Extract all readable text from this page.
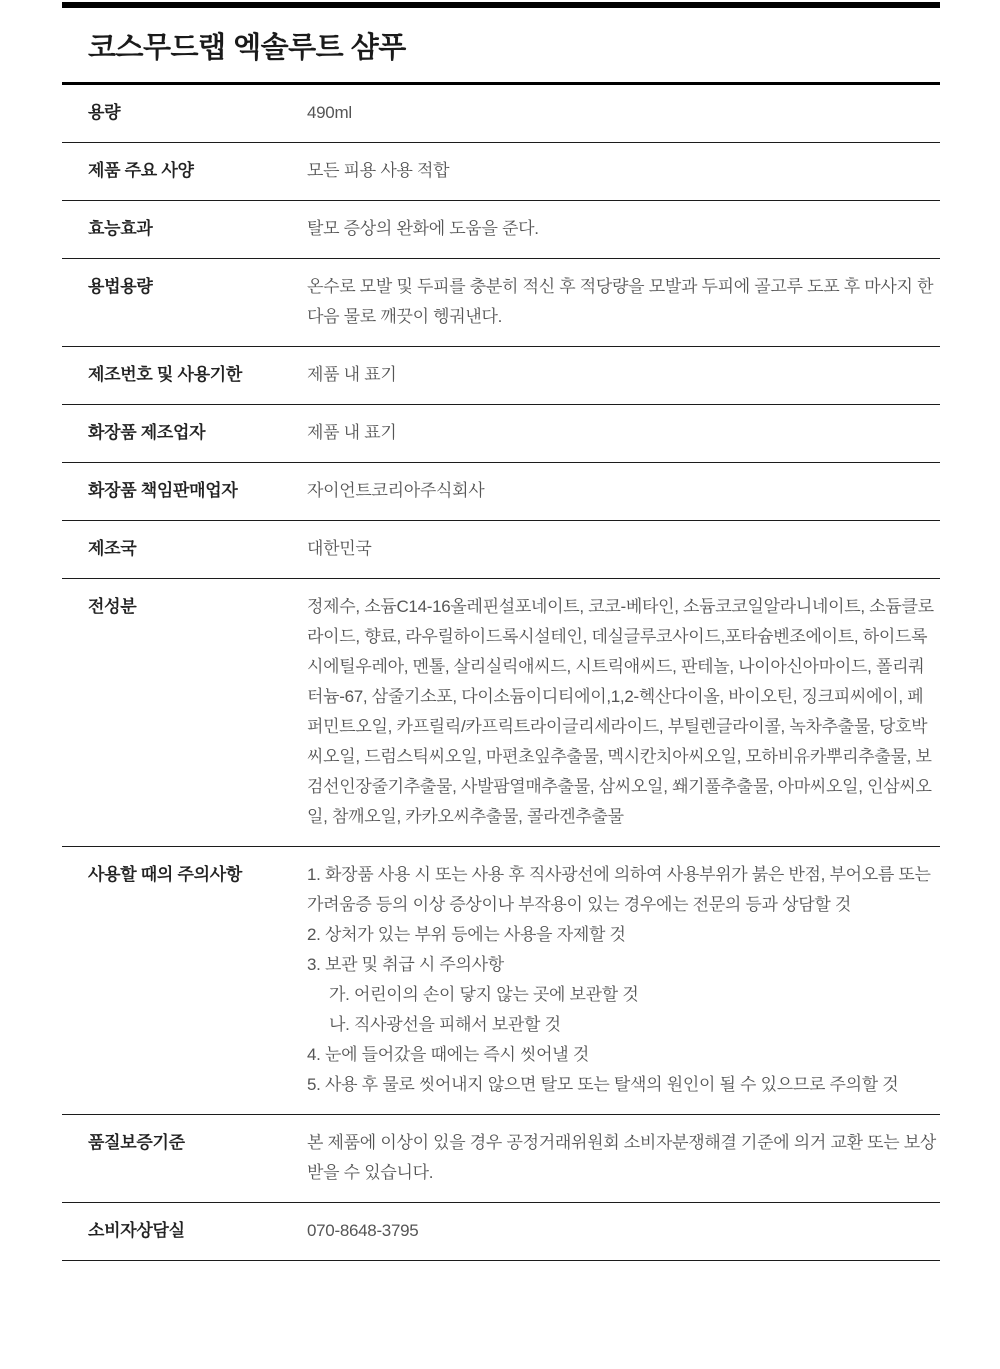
코스무드랩 엑솔루트 샴푸
용량	490ml
제품 주요 사양	모든 피용 사용 적합
효능효과	탈모 증상의 완화에 도움을 준다.
용법용량	온수로 모발 및 두피를 충분히 적신 후 적당량을 모발과 두피에 골고루 도포 후 마사지 한 다음 물로 깨끗이 헹궈낸다.
제조번호 및 사용기한	제품 내 표기
화장품 제조업자	제품 내 표기
화장품 책임판매업자	자이언트코리아주식회사
제조국	대한민국
전성분	정제수, 소듐C14-16올레핀설포네이트, 코코-베타인, 소듐코코일알라니네이트, 소듐클로라이드, 향료, 라우릴하이드록시설테인, 데실글루코사이드,포타슘벤조에이트, 하이드록시에틸우레아, 멘톨, 살리실릭애씨드, 시트릭애씨드, 판테놀, 나이아신아마이드, 폴리쿼터늄-67, 삼줄기소포, 다이소듐이디티에이,1,2-헥산다이올, 바이오틴, 징크피씨에이, 페퍼민트오일, 카프릴릭/카프릭트라이글리세라이드, 부틸렌글라이콜, 녹차추출물, 당호박씨오일, 드럼스틱씨오일, 마편초잎추출물, 멕시칸치아씨오일, 모하비유카뿌리추출물, 보검선인장줄기추출물, 사발팜열매추출물, 삼씨오일, 쐐기풀추출물, 아마씨오일, 인삼씨오일, 참깨오일, 카카오씨추출물, 콜라겐추출물
사용할 때의 주의사항	1. 화장품 사용 시 또는 사용 후 직사광선에 의하여 사용부위가 붉은 반점, 부어오름 또는 가려움증 등의 이상 증상이나 부작용이 있는 경우에는 전문의 등과 상담할 것
2. 상처가 있는 부위 등에는 사용을 자제할 것
3. 보관 및 취급 시 주의사항
가. 어린이의 손이 닿지 않는 곳에 보관할 것
나. 직사광선을 피해서 보관할 것
4. 눈에 들어갔을 때에는 즉시 씻어낼 것
5. 사용 후 물로 씻어내지 않으면 탈모 또는 탈색의 원인이 될 수 있으므로 주의할 것
품질보증기준	본 제품에 이상이 있을 경우 공정거래위원회 소비자분쟁해결 기준에 의거 교환 또는 보상 받을 수 있습니다.
소비자상담실	070-8648-3795
